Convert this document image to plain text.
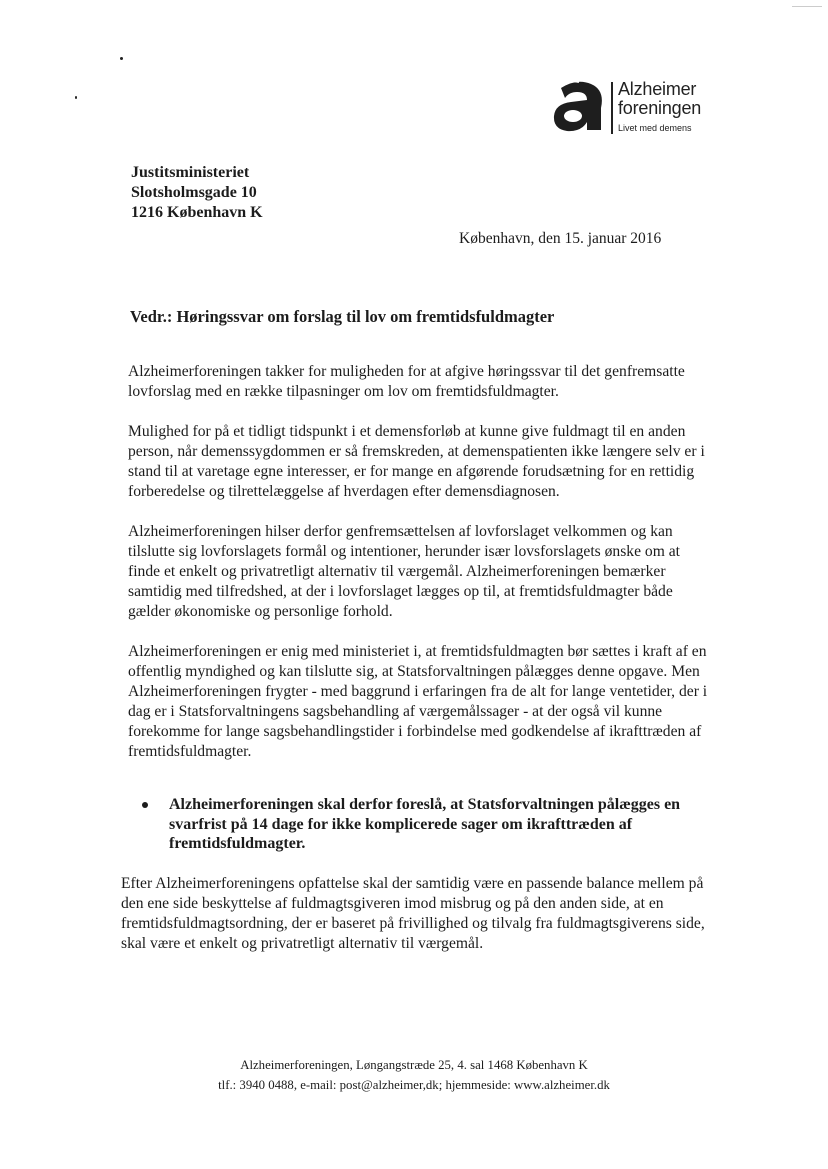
Alzheimer
foreningen
Livet med demens
Justitsministeriet
Slotsholmsgade 10
1216 København K
København, den 15. januar 2016
Vedr.: Høringssvar om forslag til lov om fremtidsfuldmagter

Alzheimerforeningen takker for muligheden for at afgive høringssvar til det genfremsatte lovforslag med en række tilpasninger om lov om fremtidsfuldmagter.

Mulighed for på et tidligt tidspunkt i et demensforløb at kunne give fuldmagt til en anden person, når demenssygdommen er så fremskreden, at demenspatienten ikke længere selv er i stand til at varetage egne interesser, er for mange en afgørende forudsætning for en rettidig forberedelse og tilrettelæggelse af hverdagen efter demensdiagnosen.

Alzheimerforeningen hilser derfor genfremsættelsen af lovforslaget velkommen og kan tilslutte sig lovforslagets formål og intentioner, herunder især lovsforslagets ønske om at finde et enkelt og privatretligt alternativ til værgemål. Alzheimerforeningen bemærker samtidig med tilfredshed, at der i lovforslaget lægges op til, at fremtidsfuldmagter både gælder økonomiske og personlige forhold.

Alzheimerforeningen er enig med ministeriet i, at fremtidsfuldmagten bør sættes i kraft af en offentlig myndighed og kan tilslutte sig, at Statsforvaltningen pålægges denne opgave. Men Alzheimerforeningen frygter - med baggrund i erfaringen fra de alt for lange ventetider, der i dag er i Statsforvaltningens sagsbehandling af værgemålssager - at der også vil kunne forekomme for lange sagsbehandlingstider i forbindelse med godkendelse af ikrafttræden af fremtidsfuldmagter.

Alzheimerforeningen skal derfor foreslå, at Statsforvaltningen pålægges en svarfrist på 14 dage for ikke komplicerede sager om ikrafttræden af fremtidsfuldmagter.

Efter Alzheimerforeningens opfattelse skal der samtidig være en passende balance mellem på den ene side beskyttelse af fuldmagtsgiveren imod misbrug og på den anden side, at en fremtidsfuldmagtsordning, der er baseret på frivillighed og tilvalg fra fuldmagtsgiverens side, skal være et enkelt og privatretligt alternativ til værgemål.

Alzheimerforeningen, Løngangstræde 25, 4. sal 1468 København K
tlf.: 3940 0488, e-mail: post@alzheimer,dk; hjemmeside: www.alzheimer.dk
